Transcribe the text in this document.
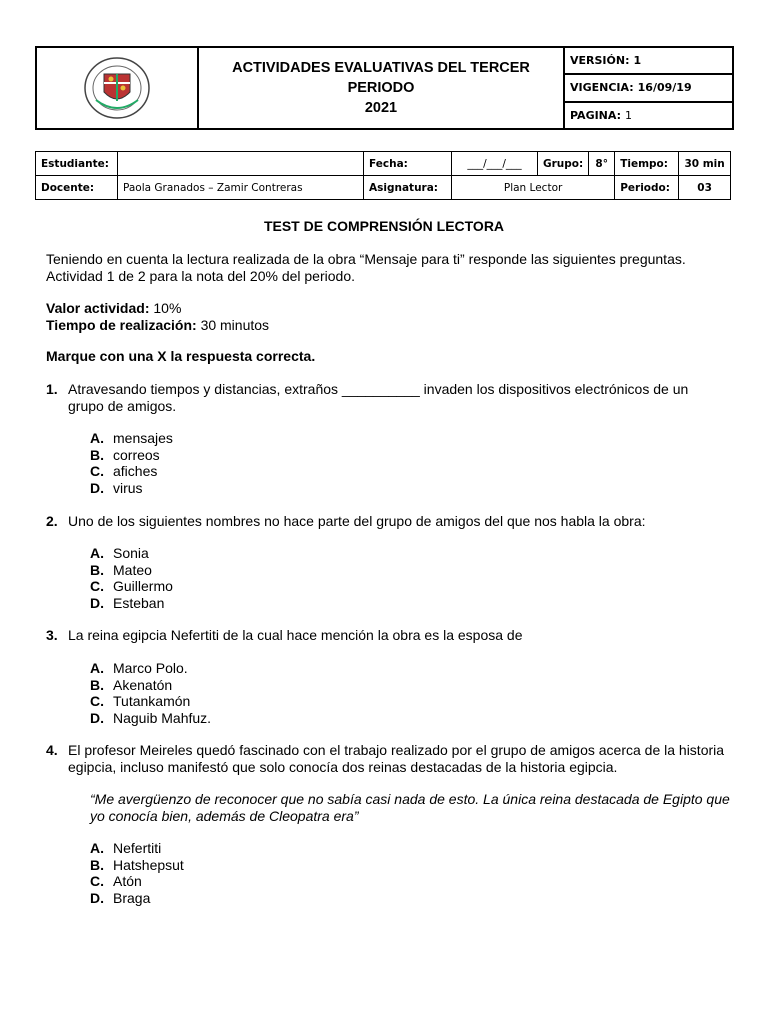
ACTIVIDADES EVALUATIVAS DEL TERCER PERIODO
2021
VERSIÓN: 1
VIGENCIA: 16/09/19
PAGINA: 1
Estudiante:		Fecha:	___/___/___	Grupo:	8°	Tiempo:	30 min
Docente:	Paola Granados – Zamir Contreras	Asignatura:	Plan Lector			Periodo:	03
TEST DE COMPRENSIÓN LECTORA
Teniendo en cuenta la lectura realizada de la obra “Mensaje para ti” responde las siguientes preguntas. Actividad 1 de 2 para la nota del 20% del periodo.
Valor actividad: 10%
Tiempo de realización: 30 minutos
Marque con una X la respuesta correcta.
1. Atravesando tiempos y distancias, extraños __________ invaden los dispositivos electrónicos de un grupo de amigos.
A. mensajes
B. correos
C. afiches
D. virus
2. Uno de los siguientes nombres no hace parte del grupo de amigos del que nos habla la obra:
A. Sonia
B. Mateo
C. Guillermo
D. Esteban
3. La reina egipcia Nefertiti de la cual hace mención la obra es la esposa de
A. Marco Polo.
B. Akenatón
C. Tutankamón
D. Naguib Mahfuz.
4. El profesor Meireles quedó fascinado con el trabajo realizado por el grupo de amigos acerca de la historia egipcia, incluso manifestó que solo conocía dos reinas destacadas de la historia egipcia.
“Me avergüenzo de reconocer que no sabía casi nada de esto. La única reina destacada de Egipto que yo conocía bien, además de Cleopatra era”
A. Nefertiti
B. Hatshepsut
C. Atón
D. Braga
